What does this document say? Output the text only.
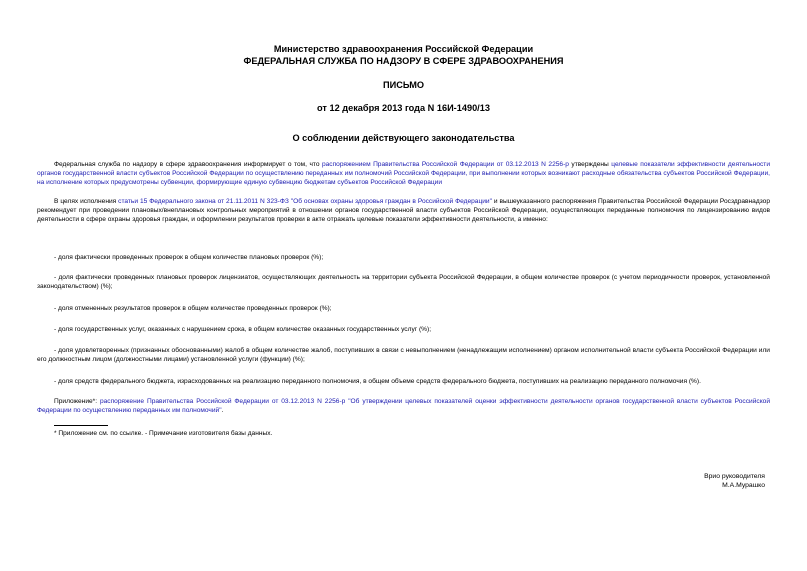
Министерство здравоохранения Российской Федерации
ФЕДЕРАЛЬНАЯ СЛУЖБА ПО НАДЗОРУ В СФЕРЕ ЗДРАВООХРАНЕНИЯ
ПИСЬМО
от 12 декабря 2013 года N 16И-1490/13
О соблюдении действующего законодательства
Федеральная служба по надзору в сфере здравоохранения информирует о том, что распоряжением Правительства Российской Федерации от 03.12.2013 N 2256-р утверждены целевые показатели эффективности деятельности органов государственной власти субъектов Российской Федерации по осуществлению переданных им полномочий Российской Федерации, при выполнении которых возникают расходные обязательства субъектов Российской Федерации, на исполнение которых предусмотрены субвенции, формирующие единую субвенцию бюджетам субъектов Российской Федерации
В целях исполнения статьи 15 Федерального закона от 21.11.2011 N 323-ФЗ "Об основах охраны здоровья граждан в Российской Федерации" и вышеуказанного распоряжения Правительства Российской Федерации Росздравнадзор рекомендует при проведении плановых/внеплановых контрольных мероприятий в отношении органов государственной власти субъектов Российской Федерации, осуществляющих переданные полномочия по лицензированию видов деятельности в сфере охраны здоровья граждан, и оформлении результатов проверки в акте отражать целевые показатели эффективности деятельности, а именно:
- доля фактически проведенных проверок в общем количестве плановых проверок (%);
- доля фактически проведенных плановых проверок лицензиатов, осуществляющих деятельность на территории субъекта Российской Федерации, в общем количестве проверок (с учетом периодичности проверок, установленной законодательством) (%);
- доля отмененных результатов проверок в общем количестве проведенных проверок (%);
- доля государственных услуг, оказанных с нарушением срока, в общем количестве оказанных государственных услуг (%);
- доля удовлетворенных (признанных обоснованными) жалоб в общем количестве жалоб, поступивших в связи с невыполнением (ненадлежащим исполнением) органом исполнительной власти субъекта Российской Федерации или его должностным лицом (должностными лицами) установленной услуги (функции) (%);
- доля средств федерального бюджета, израсходованных на реализацию переданного полномочия, в общем объеме средств федерального бюджета, поступивших на реализацию переданного полномочия (%).
Приложение*: распоряжение Правительства Российской Федерации от 03.12.2013 N 2256-р "Об утверждении целевых показателей оценки эффективности деятельности органов государственной власти субъектов Российской Федерации по осуществлению переданных им полномочий".
* Приложение см. по ссылке. - Примечание изготовителя базы данных.
Врио руководителя
М.А.Мурашко
